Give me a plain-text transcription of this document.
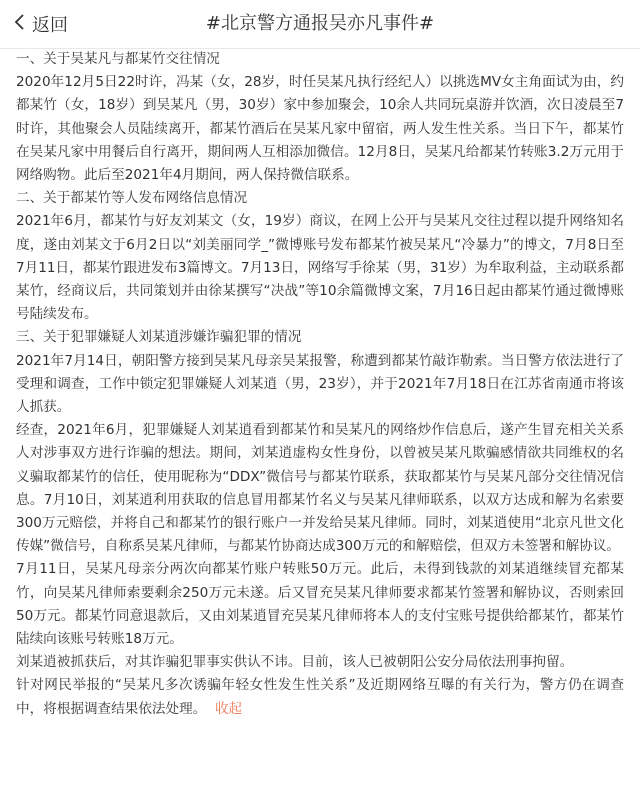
返回	#北京警方通报吴亦凡事件#

一、关于吴某凡与都某竹交往情况

2020年12月5日22时许，冯某（女，28岁，时任吴某凡执行经纪人）以挑选MV女主角面试为由，约都某竹（女，18岁）到吴某凡（男，30岁）家中参加聚会，10余人共同玩桌游并饮酒，次日凌晨至7时许，其他聚会人员陆续离开，都某竹酒后在吴某凡家中留宿，两人发生性关系。当日下午，都某竹在吴某凡家中用餐后自行离开，期间两人互相添加微信。12月8日，吴某凡给都某竹转账3.2万元用于网络购物。此后至2021年4月期间，两人保持微信联系。

二、关于都某竹等人发布网络信息情况

2021年6月，都某竹与好友刘某文（女，19岁）商议，在网上公开与吴某凡交往过程以提升网络知名度，遂由刘某文于6月2日以“刘美丽同学_”微博账号发布都某竹被吴某凡“冷暴力”的博文，7月8日至7月11日，都某竹跟进发布3篇博文。7月13日，网络写手徐某（男，31岁）为牟取利益，主动联系都某竹，经商议后，共同策划并由徐某撰写“决战”等10余篇微博文案，7月16日起由都某竹通过微博账号陆续发布。

三、关于犯罪嫌疑人刘某逍涉嫌诈骗犯罪的情况

2021年7月14日，朝阳警方接到吴某凡母亲吴某报警，称遭到都某竹敲诈勒索。当日警方依法进行了受理和调查，工作中锁定犯罪嫌疑人刘某逍（男，23岁），并于2021年7月18日在江苏省南通市将该人抓获。

经查，2021年6月，犯罪嫌疑人刘某逍看到都某竹和吴某凡的网络炒作信息后，遂产生冒充相关关系人对涉事双方进行诈骗的想法。期间，刘某逍虚构女性身份，以曾被吴某凡欺骗感情欲共同维权的名义骗取都某竹的信任，使用昵称为“DDX”微信号与都某竹联系，获取都某竹与吴某凡部分交往情况信息。7月10日，刘某逍利用获取的信息冒用都某竹名义与吴某凡律师联系，以双方达成和解为名索要300万元赔偿，并将自己和都某竹的银行账户一并发给吴某凡律师。同时，刘某逍使用“北京凡世文化传媒”微信号，自称系吴某凡律师，与都某竹协商达成300万元的和解赔偿，但双方未签署和解协议。

7月11日，吴某凡母亲分两次向都某竹账户转账50万元。此后，未得到钱款的刘某逍继续冒充都某竹，向吴某凡律师索要剩余250万元未遂。后又冒充吴某凡律师要求都某竹签署和解协议，否则索回50万元。都某竹同意退款后，又由刘某逍冒充吴某凡律师将本人的支付宝账号提供给都某竹，都某竹陆续向该账号转账18万元。

刘某逍被抓获后，对其诈骗犯罪事实供认不讳。目前，该人已被朝阳公安分局依法刑事拘留。

针对网民举报的“吴某凡多次诱骗年轻女性发生性关系”及近期网络互曝的有关行为，警方仍在调查中，将根据调查结果依法处理。 收起
